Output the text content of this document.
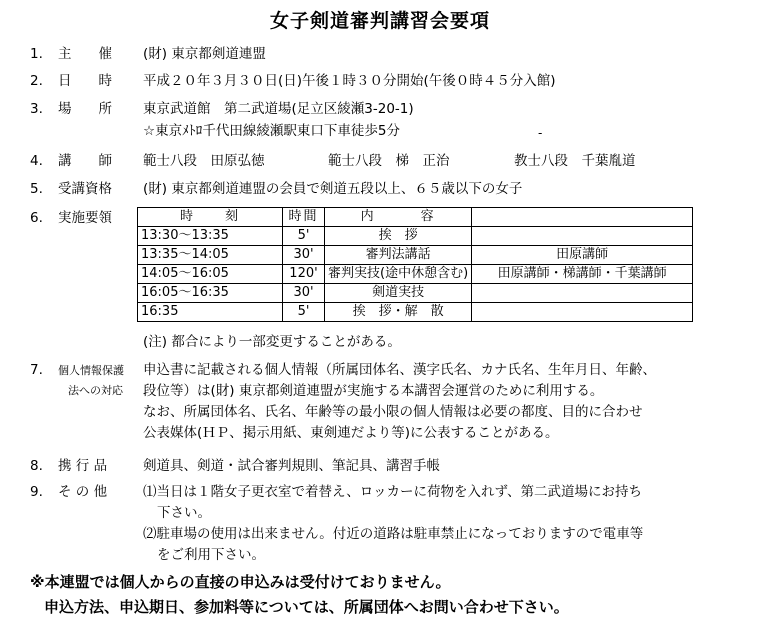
女子剣道審判講習会要項
1. 主　　催 (財) 東京都剣道連盟
2. 日　　時 平成２０年３月３０日(日)午後１時３０分開始(午後０時４５分入館)
3. 場　　所 東京武道館　第二武道場(足立区綾瀬3-20-1)
☆東京ﾒﾄﾛ千代田線綾瀬駅東口下車徒歩5分	-
4. 講　　師 範士八段　田原弘徳	範士八段　梯　正治	教士八段　千葉胤道
5. 受講資格 (財) 東京都剣道連盟の会員で剣道五段以上、６５歳以下の女子
6. 実施要領	時　　刻	時間	内　　　容	
13:30～13:35	5'	挨　拶	
13:35～14:05	30'	審判法講話	田原講師
14:05～16:05	120'	審判実技(途中休憩含む)	田原講師・梯講師・千葉講師
16:05～16:35	30'	剣道実技	
16:35	5'	挨　拶・解　散	
(注) 都合により一部変更することがある。
7. 個人情報保護
法への対応
申込書に記載される個人情報（所属団体名、漢字氏名、カナ氏名、生年月日、年齢、
段位等）は(財) 東京都剣道連盟が実施する本講習会運営のために利用する。
なお、所属団体名、氏名、年齢等の最小限の個人情報は必要の都度、目的に合わせ
公表媒体(ＨＰ、掲示用紙、東剣連だより等)に公表することがある。
8. 携 行 品	剣道具、剣道・試合審判規則、筆記具、講習手帳
9. そ の 他	⑴当日は１階女子更衣室で着替え、ロッカーに荷物を入れず、第二武道場にお持ち
下さい。
⑵駐車場の使用は出来ません。付近の道路は駐車禁止になっておりますので電車等
をご利用下さい。
※本連盟では個人からの直接の申込みは受付けておりません。
申込方法、申込期日、参加料等については、所属団体へお問い合わせ下さい。
